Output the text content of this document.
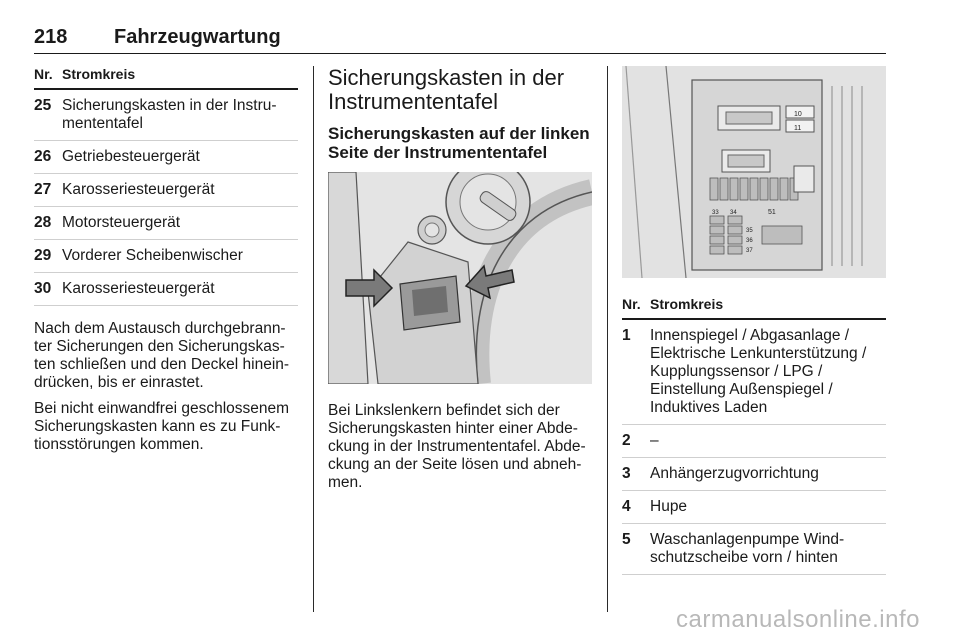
218 Fahrzeugwartung
Nr. Stromkreis
25 Sicherungskasten in der Instru-mententafel
26 Getriebesteuergerät
27 Karosseriesteuergerät
28 Motorsteuergerät
29 Vorderer Scheibenwischer
30 Karosseriesteuergerät

Nach dem Austausch durchgebrann-ter Sicherungen den Sicherungskas-ten schließen und den Deckel hinein-drücken, bis er einrastet.

Bei nicht einwandfrei geschlossenem Sicherungskasten kann es zu Funk-tionsstörungen kommen.

Sicherungskasten in der Instrumententafel
Sicherungskasten auf der linken Seite der Instrumententafel

Bei Linkslenkern befindet sich der Sicherungskasten hinter einer Abde-ckung in der Instrumententafel. Abde-ckung an der Seite lösen und abneh-men.

10
11
51
33 34
35
36
37
Nr. Stromkreis
1	Innenspiegel / Abgasanlage / Elektrische Lenkunterstützung / Kupplungssensor / LPG / Einstellung Außenspiegel / Induktives Laden
2	–
3	Anhängerzugvorrichtung
4	Hupe
5	Waschanlagenpumpe Wind-schutzscheibe vorn / hinten
carmanualsonline.info
